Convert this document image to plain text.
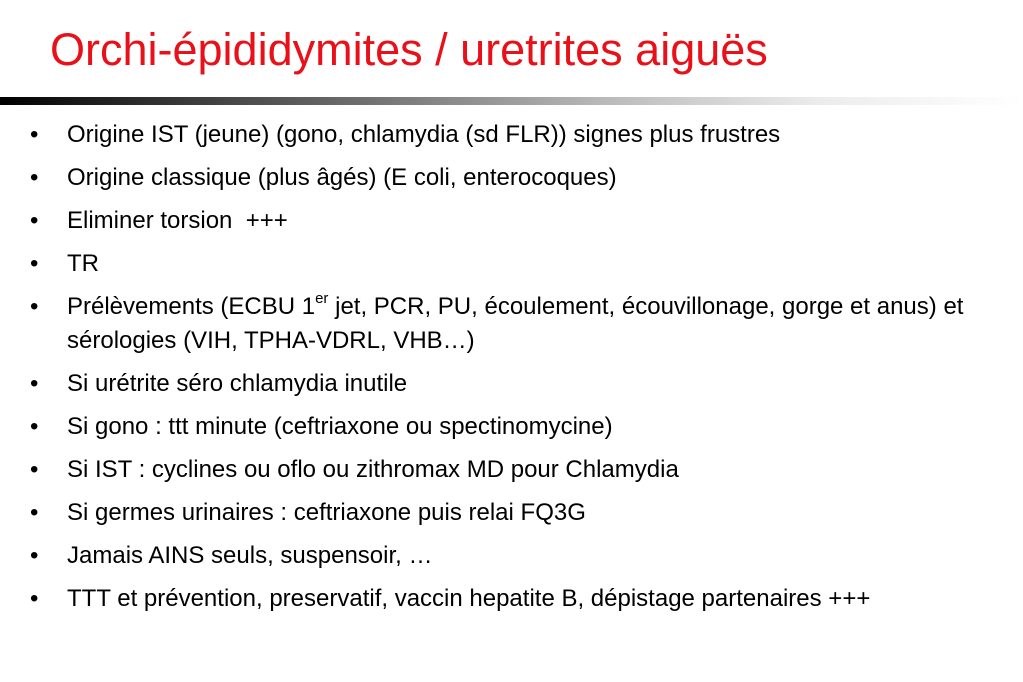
Orchi-épididymites / uretrites aiguës
•	Origine IST (jeune) (gono, chlamydia (sd FLR)) signes plus frustres
•	Origine classique (plus âgés) (E coli, enterocoques)
•	Eliminer torsion  +++
•	TR
•	Prélèvements (ECBU 1er jet, PCR, PU, écoulement, écouvillonage, gorge et anus) et sérologies (VIH, TPHA-VDRL, VHB…)
•	Si urétrite séro chlamydia inutile
•	Si gono : ttt minute (ceftriaxone ou spectinomycine)
•	Si IST : cyclines ou oflo ou zithromax MD pour Chlamydia
•	Si germes urinaires : ceftriaxone puis relai FQ3G
•	Jamais AINS seuls, suspensoir, …
•	TTT et prévention, preservatif, vaccin hepatite B, dépistage partenaires +++
